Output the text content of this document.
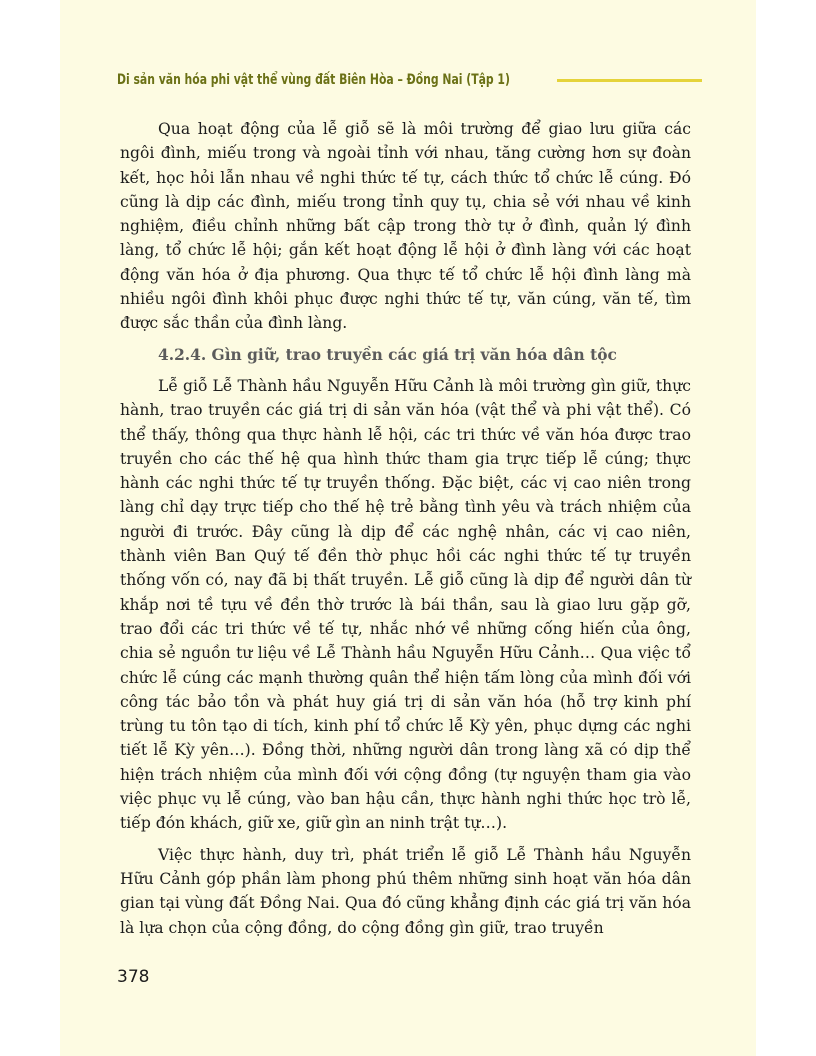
Di sản văn hóa phi vật thể vùng đất Biên Hòa – Đồng Nai (Tập 1)

Qua hoạt động của lễ giỗ sẽ là môi trường để giao lưu giữa các ngôi đình, miếu trong và ngoài tỉnh với nhau, tăng cường hơn sự đoàn kết, học hỏi lẫn nhau về nghi thức tế tự, cách thức tổ chức lễ cúng. Đó cũng là dịp các đình, miếu trong tỉnh quy tụ, chia sẻ với nhau về kinh nghiệm, điều chỉnh những bất cập trong thờ tự ở đình, quản lý đình làng, tổ chức lễ hội; gắn kết hoạt động lễ hội ở đình làng với các hoạt động văn hóa ở địa phương. Qua thực tế tổ chức lễ hội đình làng mà nhiều ngôi đình khôi phục được nghi thức tế tự, văn cúng, văn tế, tìm được sắc thần của đình làng.

4.2.4. Gìn giữ, trao truyền các giá trị văn hóa dân tộc

Lễ giỗ Lễ Thành hầu Nguyễn Hữu Cảnh là môi trường gìn giữ, thực hành, trao truyền các giá trị di sản văn hóa (vật thể và phi vật thể). Có thể thấy, thông qua thực hành lễ hội, các tri thức về văn hóa được trao truyền cho các thế hệ qua hình thức tham gia trực tiếp lễ cúng; thực hành các nghi thức tế tự truyền thống. Đặc biệt, các vị cao niên trong làng chỉ dạy trực tiếp cho thế hệ trẻ bằng tình yêu và trách nhiệm của người đi trước. Đây cũng là dịp để các nghệ nhân, các vị cao niên, thành viên Ban Quý tế đền thờ phục hồi các nghi thức tế tự truyền thống vốn có, nay đã bị thất truyền. Lễ giỗ cũng là dịp để người dân từ khắp nơi tề tựu về đền thờ trước là bái thần, sau là giao lưu gặp gỡ, trao đổi các tri thức về tế tự, nhắc nhớ về những cống hiến của ông, chia sẻ nguồn tư liệu về Lễ Thành hầu Nguyễn Hữu Cảnh… Qua việc tổ chức lễ cúng các mạnh thường quân thể hiện tấm lòng của mình đối với công tác bảo tồn và phát huy giá trị di sản văn hóa (hỗ trợ kinh phí trùng tu tôn tạo di tích, kinh phí tổ chức lễ Kỳ yên, phục dựng các nghi tiết lễ Kỳ yên…). Đồng thời, những người dân trong làng xã có dịp thể hiện trách nhiệm của mình đối với cộng đồng (tự nguyện tham gia vào việc phục vụ lễ cúng, vào ban hậu cần, thực hành nghi thức học trò lễ, tiếp đón khách, giữ xe, giữ gìn an ninh trật tự…).

Việc thực hành, duy trì, phát triển lễ giỗ Lễ Thành hầu Nguyễn Hữu Cảnh góp phần làm phong phú thêm những sinh hoạt văn hóa dân gian tại vùng đất Đồng Nai. Qua đó cũng khẳng định các giá trị văn hóa là lựa chọn của cộng đồng, do cộng đồng gìn giữ, trao truyền

378
